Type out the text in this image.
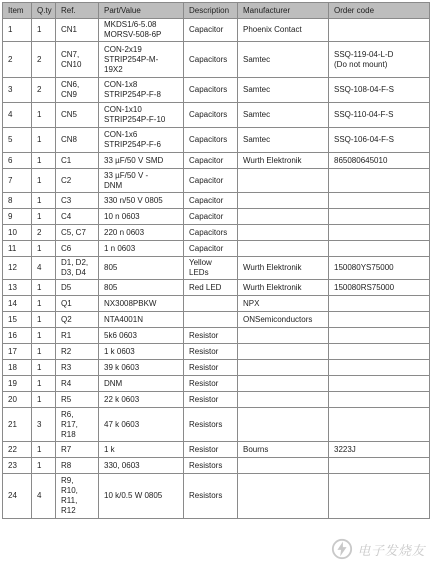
Item	Q.ty	Ref.	Part/Value	Description	Manufacturer	Order code
1	1	CN1	MKDS1/6-5.08
MORSV-508-6P	Capacitor	Phoenix Contact	
2	2	CN7,
CN10	CON-2x19
STRIP254P-M-
19X2	Capacitors	Samtec	SSQ-119-04-L-D
(Do not mount)
3	2	CN6,
CN9	CON-1x8
STRIP254P-F-8	Capacitors	Samtec	SSQ-108-04-F-S
4	1	CN5	CON-1x10
STRIP254P-F-10	Capacitors	Samtec	SSQ-110-04-F-S
5	1	CN8	CON-1x6
STRIP254P-F-6	Capacitors	Samtec	SSQ-106-04-F-S
6	1	C1	33 µF/50 V SMD	Capacitor	Wurth Elektronik	865080645010
7	1	C2	33 µF/50 V -
DNM	Capacitor		
8	1	C3	330 n/50 V 0805	Capacitor		
9	1	C4	10 n 0603	Capacitor		
10	2	C5, C7	220 n 0603	Capacitors		
11	1	C6	1 n 0603	Capacitor		
12	4	D1, D2,
D3, D4	805	Yellow
LEDs	Wurth Elektronik	150080YS75000
13	1	D5	805	Red LED	Wurth Elektronik	150080RS75000
14	1	Q1	NX3008PBKW		NPX	
15	1	Q2	NTA4001N		ONSemiconductors	
16	1	R1	5k6 0603	Resistor		
17	1	R2	1 k 0603	Resistor		
18	1	R3	39 k 0603	Resistor		
19	1	R4	DNM	Resistor		
20	1	R5	22 k 0603	Resistor		
21	3	R6,
R17,
R18	47 k 0603	Resistors		
22	1	R7	1 k	Resistor	Bourns	3223J
23	1	R8	330, 0603	Resistors		
24	4	R9,
R10,
R11,
R12	10 k/0.5 W 0805	Resistors		
电子发烧友
